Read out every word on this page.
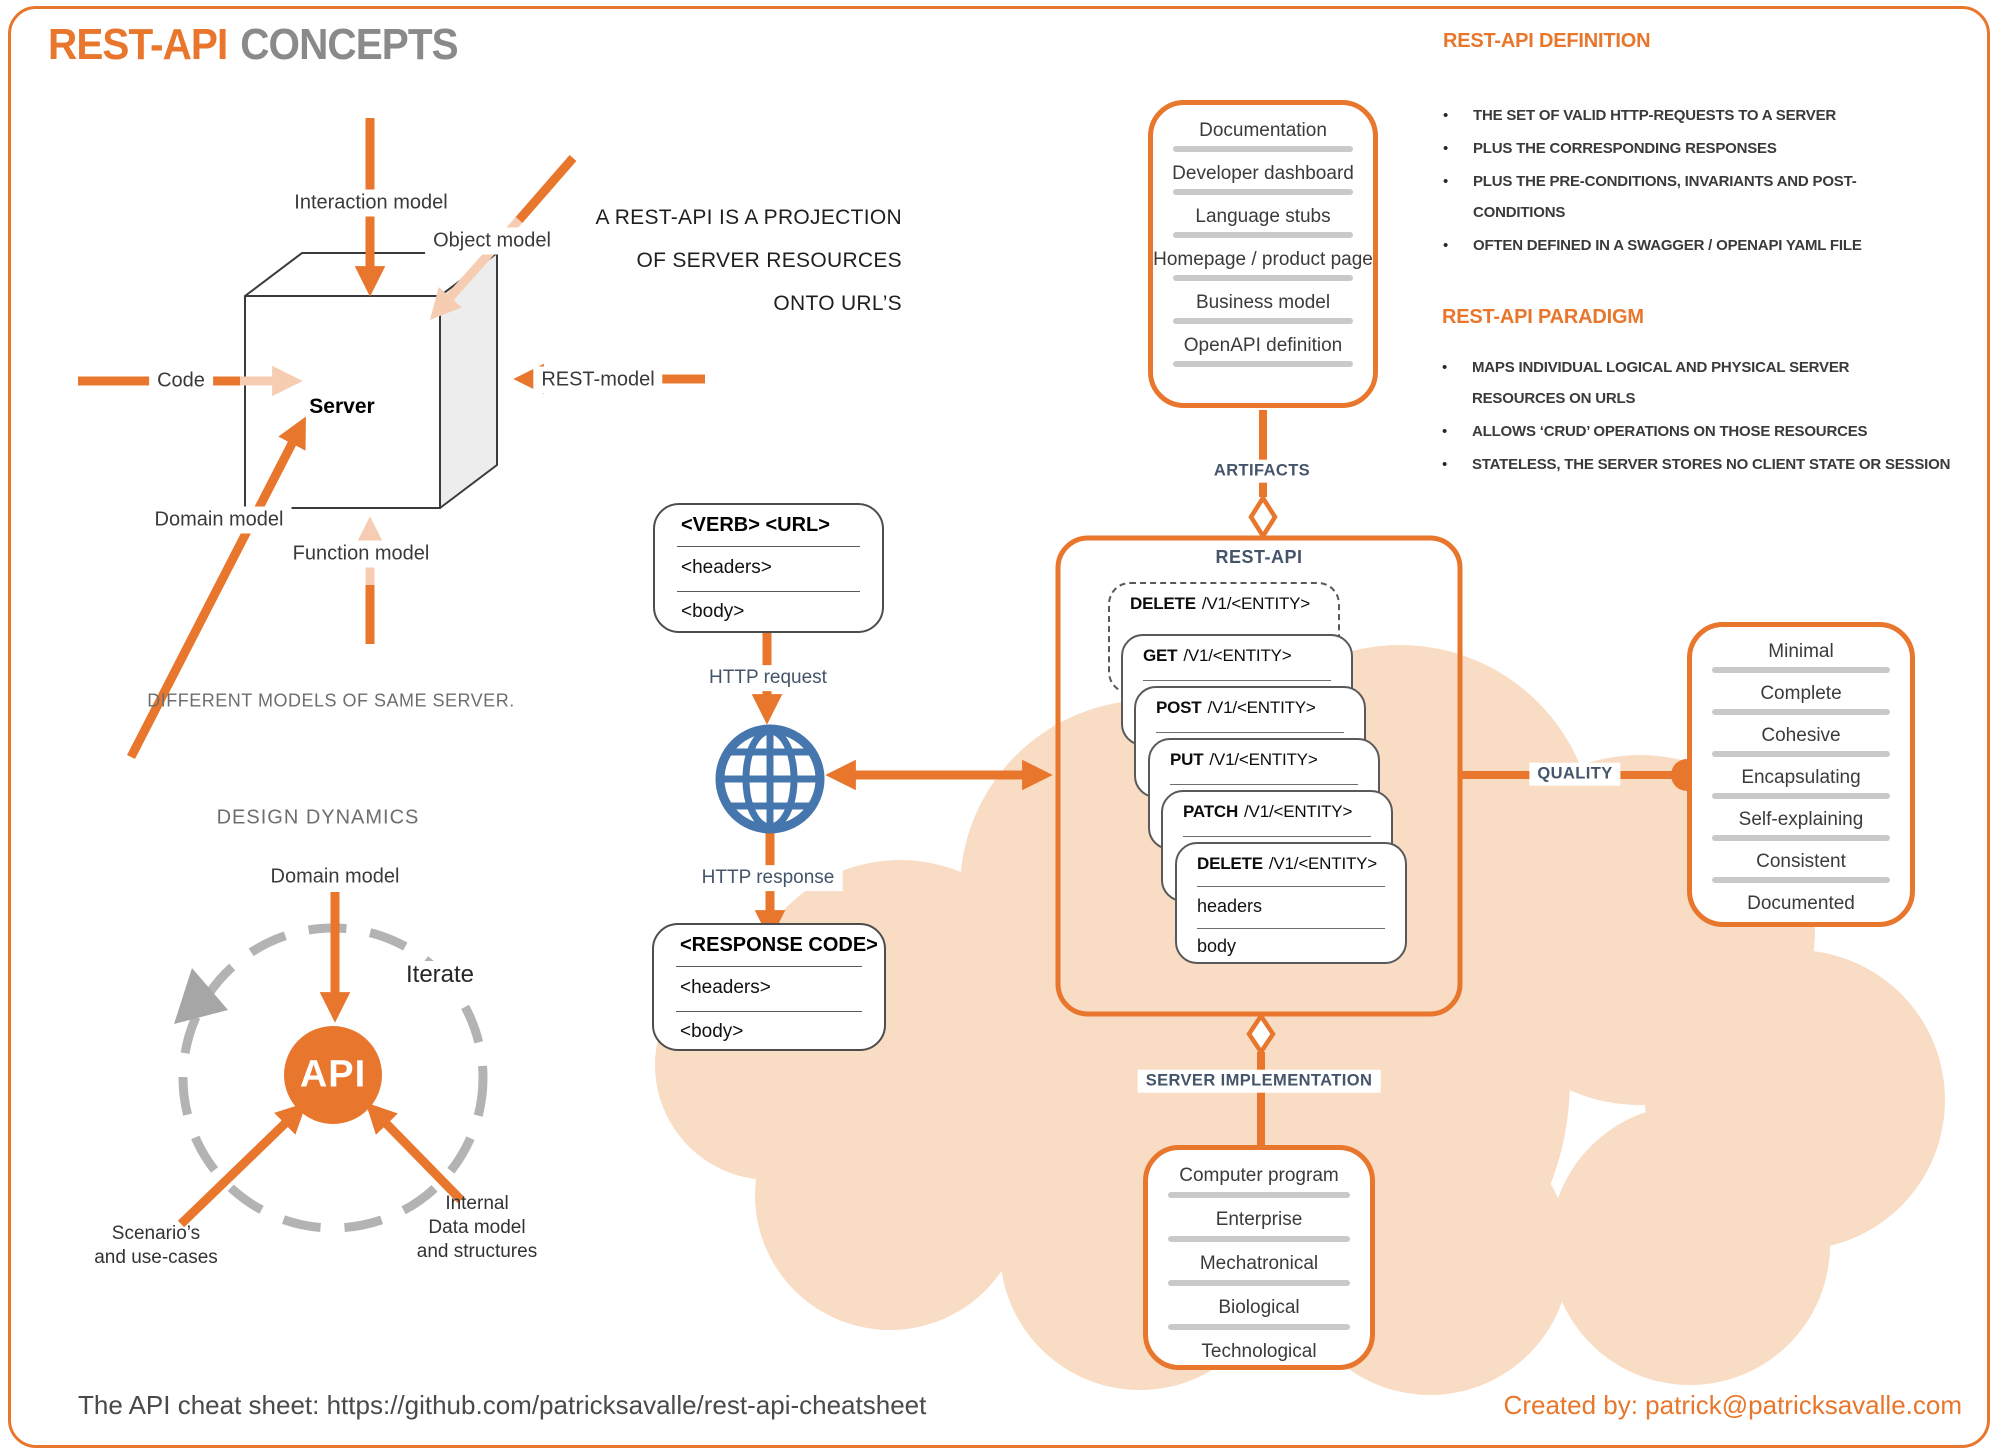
REST-API CONCEPTS
Server
Interaction model
Object model
Code	REST-model
Domain model
Function model
DIFFERENT MODELS OF SAME SERVER.
A REST-API IS A PROJECTION
OF SERVER RESOURCES
ONTO URL’S
REST-API DEFINITION
•	THE SET OF VALID HTTP-REQUESTS TO A SERVER
•	PLUS THE CORRESPONDING RESPONSES
•	PLUS THE PRE-CONDITIONS, INVARIANTS AND POST-CONDITIONS
•	OFTEN DEFINED IN A SWAGGER / OPENAPI YAML FILE
REST-API PARADIGM
•	MAPS INDIVIDUAL LOGICAL AND PHYSICAL SERVER RESOURCES ON URLS
•	ALLOWS ‘CRUD’ OPERATIONS ON THOSE RESOURCES
•	STATELESS, THE SERVER STORES NO CLIENT STATE OR SESSION
Documentation
Developer dashboard
Language stubs
Homepage / product page
Business model
OpenAPI definition
ARTIFACTS
REST-API
DELETE /V1/<ENTITY>
GET /V1/<ENTITY>
POST /V1/<ENTITY>
PUT /V1/<ENTITY>
PATCH /V1/<ENTITY>
DELETE /V1/<ENTITY>
headers
body
<VERB> <URL>
<headers>
<body>
HTTP request
HTTP response
<RESPONSE CODE>
<headers>
<body>
QUALITY
Minimal
Complete
Cohesive
Encapsulating
Self-explaining
Consistent
Documented
SERVER IMPLEMENTATION
Computer program
Enterprise
Mechatronical
Biological
Technological
DESIGN DYNAMICS
Domain model
Iterate
API
Scenario’s
and use-cases
Internal
Data model
and structures
The API cheat sheet: https://github.com/patricksavalle/rest-api-cheatsheet	Created by: patrick@patricksavalle.com
